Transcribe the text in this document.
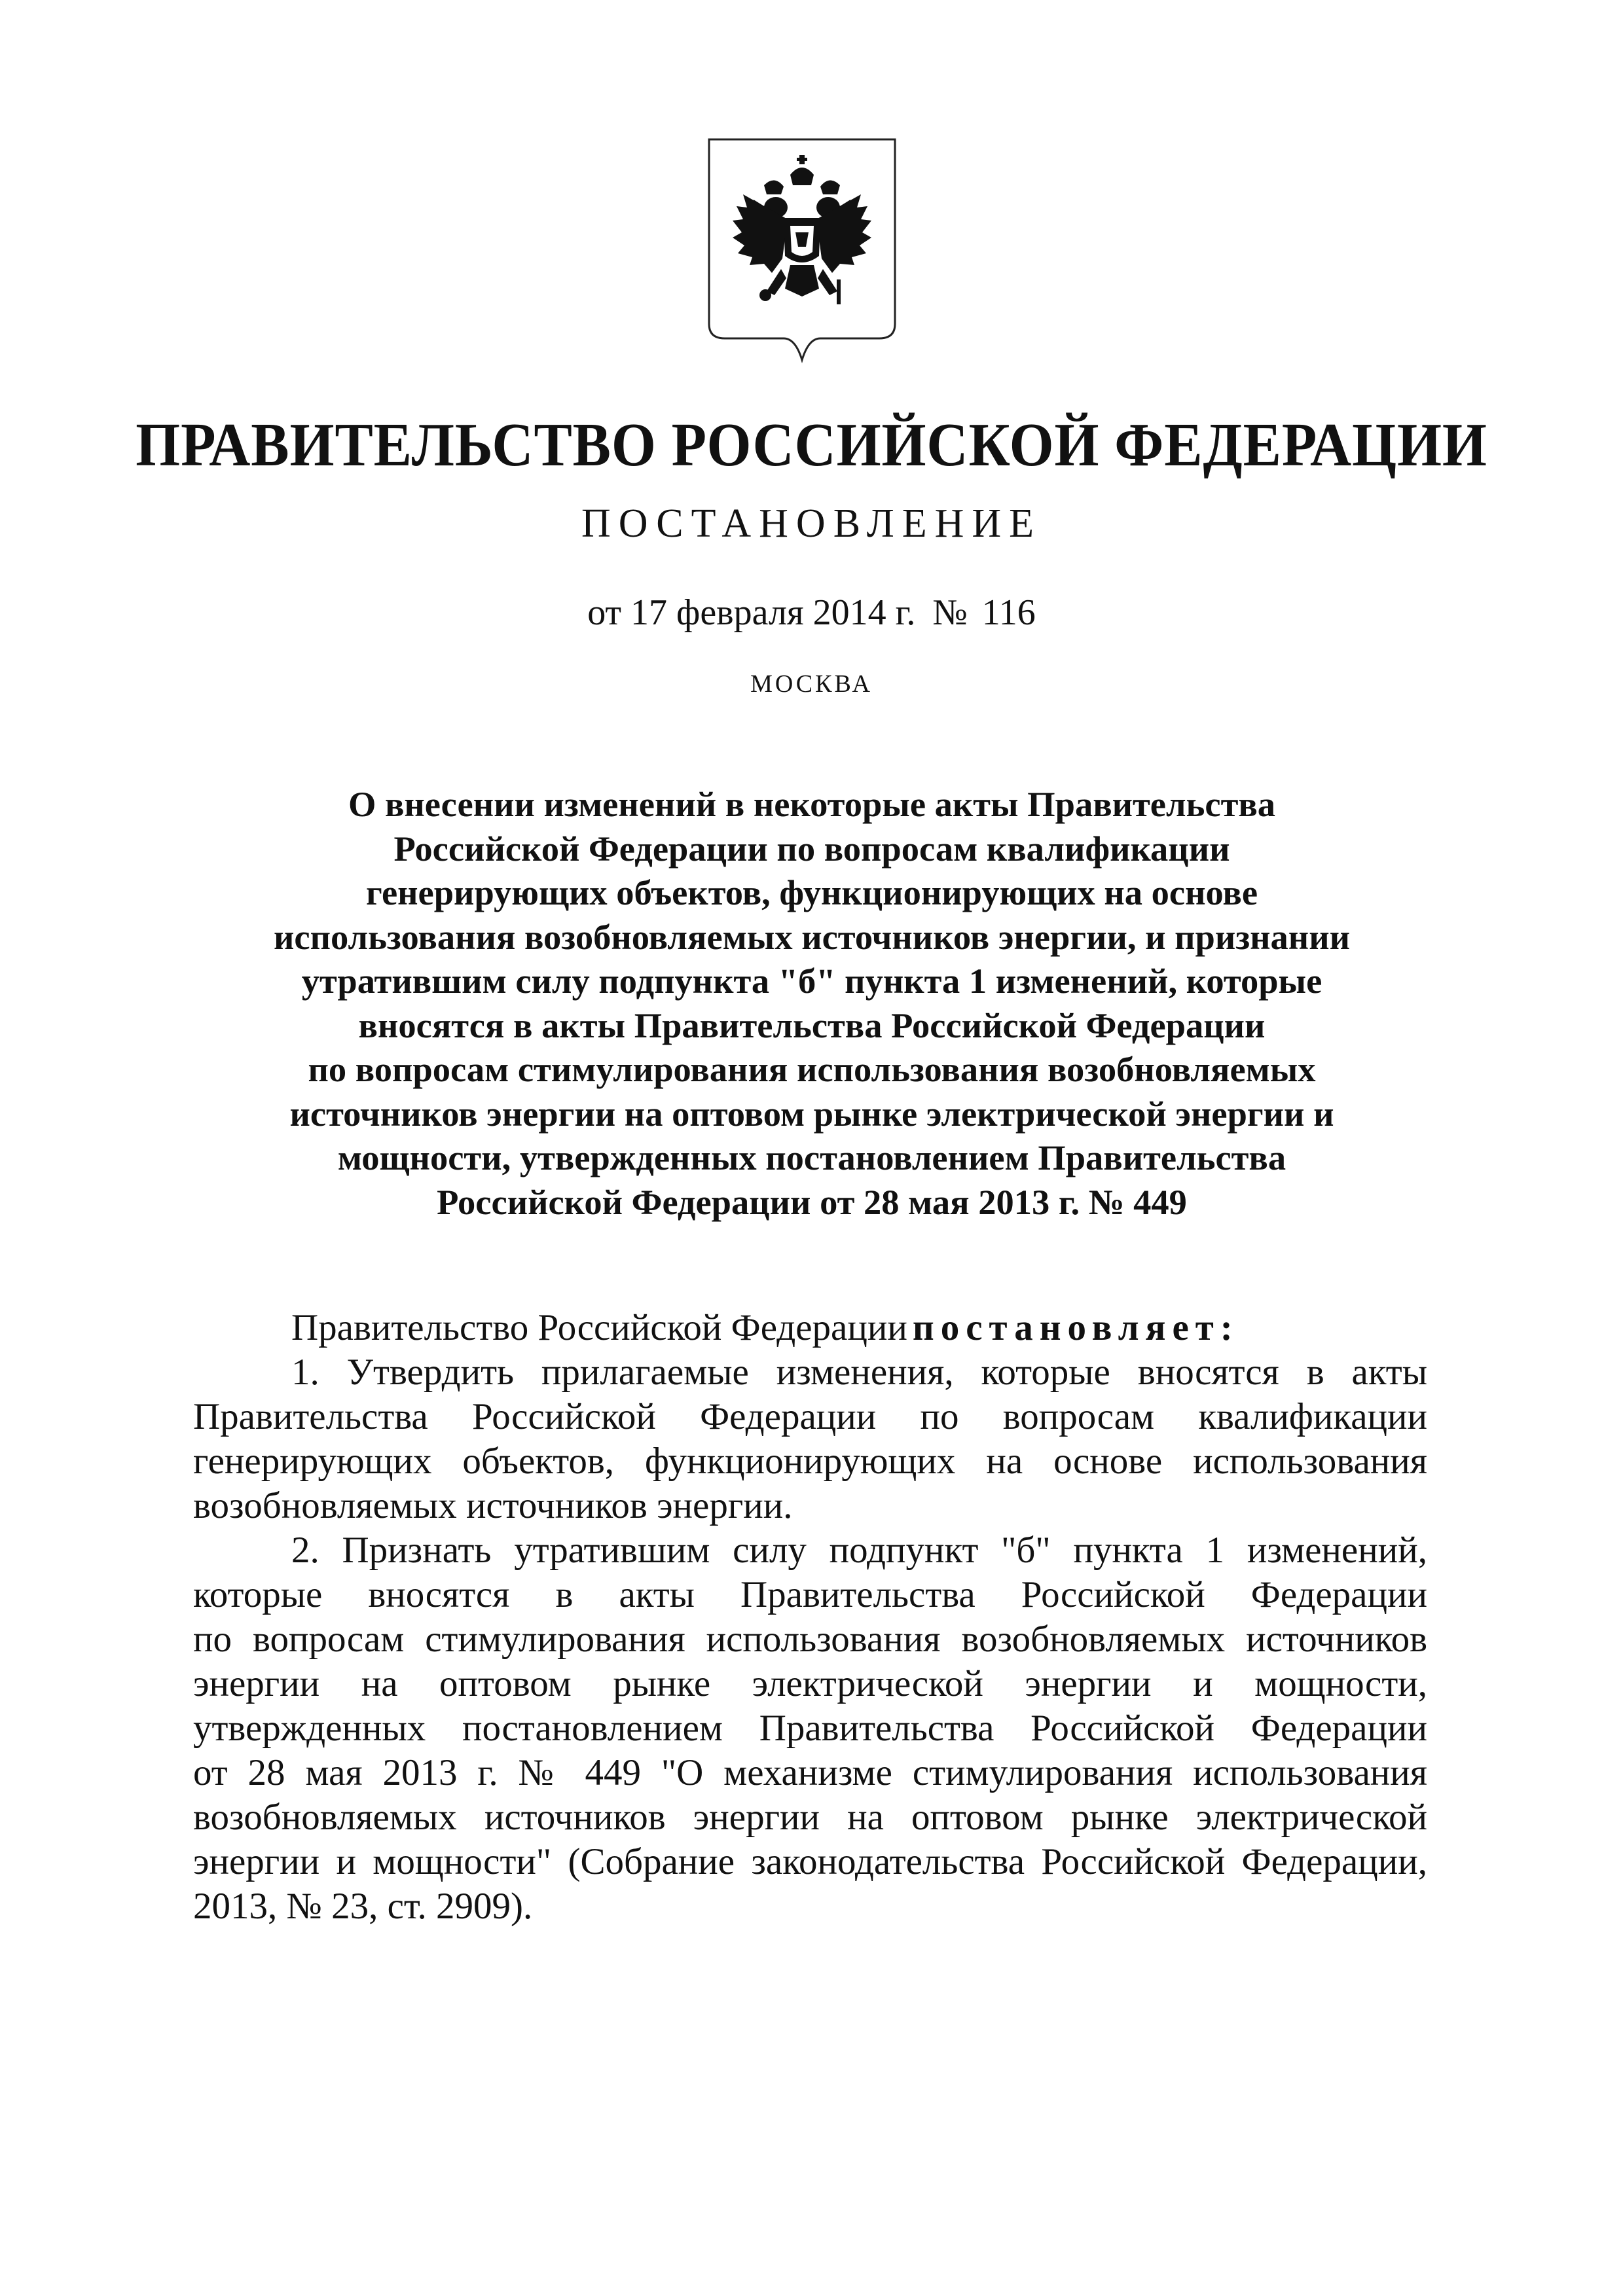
ПРАВИТЕЛЬСТВО РОССИЙСКОЙ ФЕДЕРАЦИИ
ПОСТАНОВЛЕНИЕ
от 17 февраля 2014 г. № 116
МОСКВА
О внесении изменений в некоторые акты Правительства
Российской Федерации по вопросам квалификации
генерирующих объектов, функционирующих на основе
использования возобновляемых источников энергии, и признании
утратившим силу подпункта "б" пункта 1 изменений, которые
вносятся в акты Правительства Российской Федерации
по вопросам стимулирования использования возобновляемых
источников энергии на оптовом рынке электрической энергии и
мощности, утвержденных постановлением Правительства
Российской Федерации от 28 мая 2013 г. № 449
Правительство Российской Федерации постановляет:
1. Утвердить прилагаемые изменения, которые вносятся в акты
Правительства Российской Федерации по вопросам квалификации
генерирующих объектов, функционирующих на основе использования
возобновляемых источников энергии.
2. Признать утратившим силу подпункт "б" пункта 1 изменений,
которые вносятся в акты Правительства Российской Федерации
по вопросам стимулирования использования возобновляемых источников
энергии на оптовом рынке электрической энергии и мощности,
утвержденных постановлением Правительства Российской Федерации
от 28 мая 2013 г. № 449 "О механизме стимулирования использования
возобновляемых источников энергии на оптовом рынке электрической
энергии и мощности" (Собрание законодательства Российской Федерации,
2013, № 23, ст. 2909).
